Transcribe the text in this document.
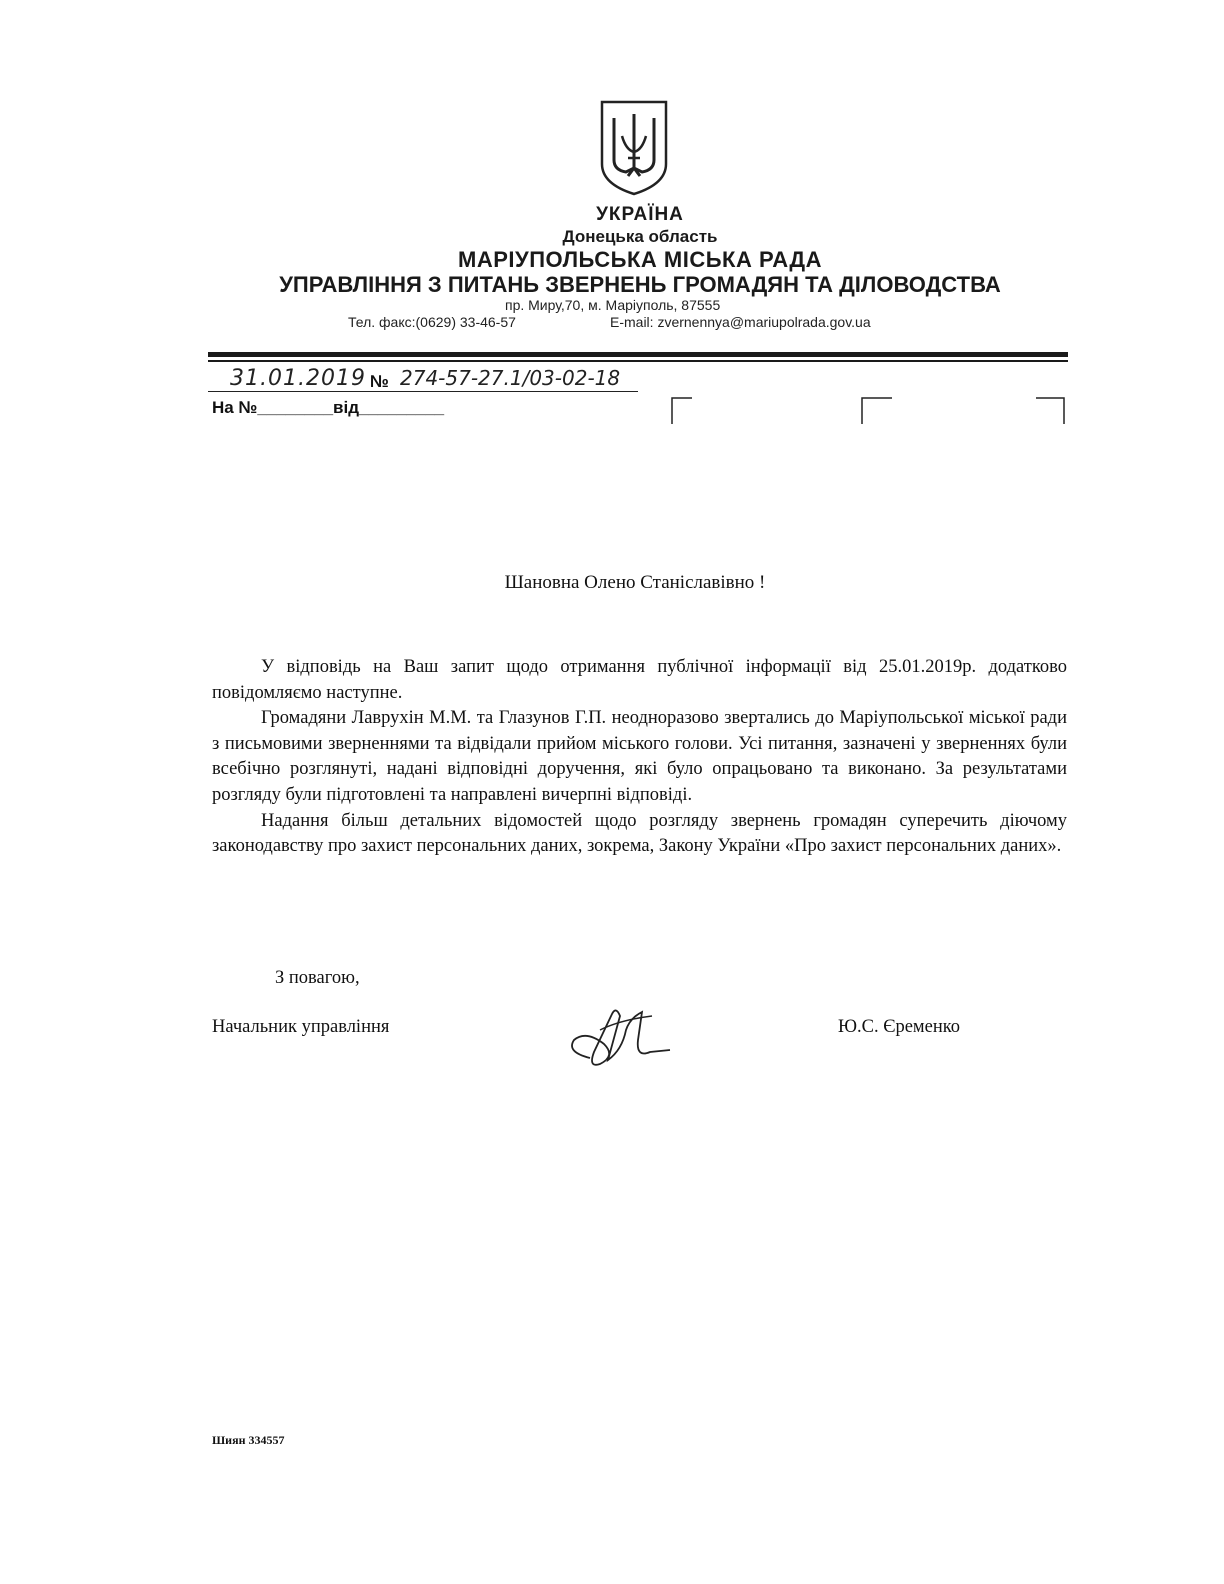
УКРАЇНА
Донецька область
МАРІУПОЛЬСЬКА МІСЬКА РАДА
УПРАВЛІННЯ З ПИТАНЬ ЗВЕРНЕНЬ ГРОМАДЯН ТА ДІЛОВОДСТВА
пр. Миру,70, м. Маріуполь, 87555
Тел. факс:(0629) 33-46-57	E-mail: zvernennya@mariupolrada.gov.ua
31.01.2019 № 274-57-27.1/03-02-18
На №________від_________
Шановна Олено Станіславівно !

У відповідь на Ваш запит щодо отримання публічної інформації від 25.01.2019р. додатково повідомляємо наступне.

Громадяни Лаврухін М.М. та Глазунов Г.П. неодноразово звертались до Маріупольської міської ради з письмовими зверненнями та відвідали прийом міського голови. Усі питання, зазначені у зверненнях були всебічно розглянуті, надані відповідні доручення, які було опрацьовано та виконано. За результатами розгляду були підготовлені та направлені вичерпні відповіді.

Надання більш детальних відомостей щодо розгляду звернень громадян суперечить діючому законодавству про захист персональних даних, зокрема, Закону України «Про захист персональних даних».

З повагою,
Начальник управління	Ю.С. Єременко
Шиян 334557
